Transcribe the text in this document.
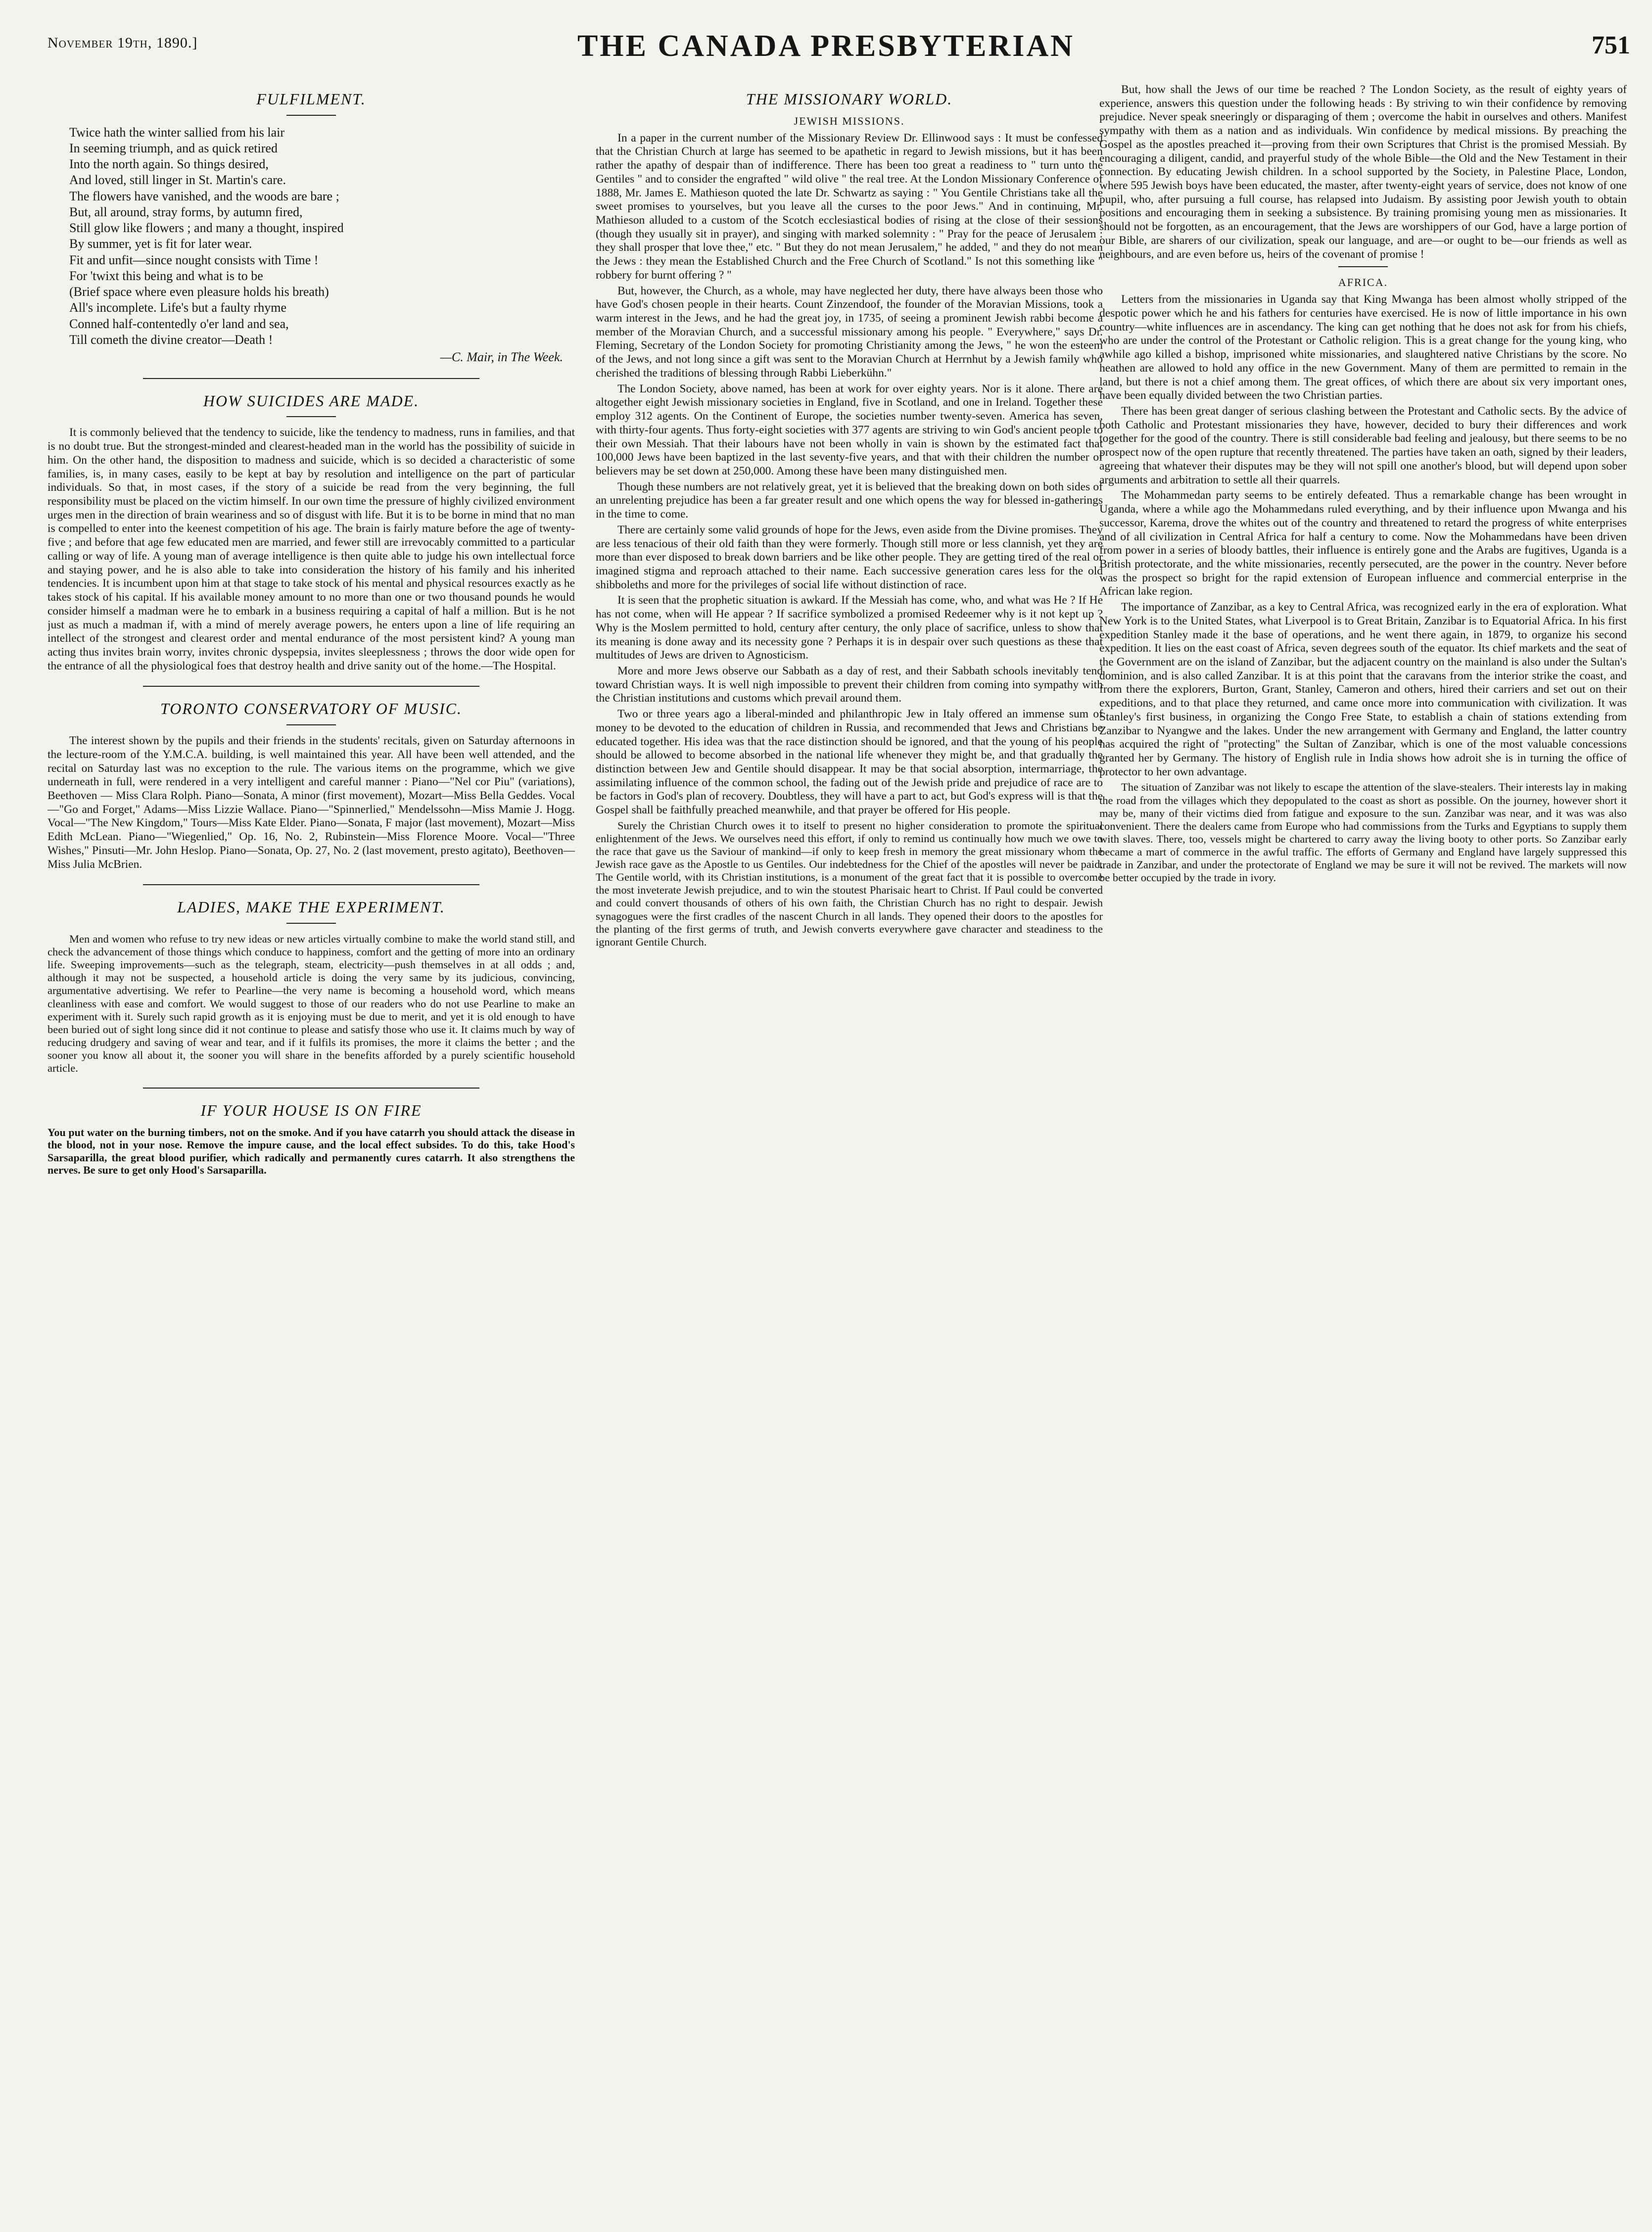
November 19th, 1890.]	THE CANADA PRESBYTERIAN	751
FULFILMENT.
Twice hath the winter sallied from his lair
In seeming triumph, and as quick retired
Into the north again. So things desired,
And loved, still linger in St. Martin's care.
The flowers have vanished, and the woods are bare ;
But, all around, stray forms, by autumn fired,
Still glow like flowers ; and many a thought, inspired
By summer, yet is fit for later wear.
Fit and unfit—since nought consists with Time !
For 'twixt this being and what is to be
(Brief space where even pleasure holds his breath)
All's incomplete. Life's but a faulty rhyme
Conned half-contentedly o'er land and sea,
Till cometh the divine creator—Death !
—C. Mair, in The Week.
HOW SUICIDES ARE MADE.

It is commonly believed that the tendency to suicide, like the tendency to madness, runs in families, and that is no doubt true. But the strongest-minded and clearest-headed man in the world has the possibility of suicide in him. On the other hand, the disposition to madness and suicide, which is so decided a characteristic of some families, is, in many cases, easily to be kept at bay by resolution and intelligence on the part of particular individuals. So that, in most cases, if the story of a suicide be read from the very beginning, the full responsibility must be placed on the victim himself. In our own time the pressure of highly civilized environment urges men in the direction of brain weariness and so of disgust with life. But it is to be borne in mind that no man is compelled to enter into the keenest competition of his age. The brain is fairly mature before the age of twenty-five ; and before that age few educated men are married, and fewer still are irrevocably committed to a particular calling or way of life. A young man of average intelligence is then quite able to judge his own intellectual force and staying power, and he is also able to take into consideration the history of his family and his inherited tendencies. It is incumbent upon him at that stage to take stock of his mental and physical resources exactly as he takes stock of his capital. If his available money amount to no more than one or two thousand pounds he would consider himself a madman were he to embark in a business requiring a capital of half a million. But is he not just as much a madman if, with a mind of merely average powers, he enters upon a line of life requiring an intellect of the strongest and clearest order and mental endurance of the most persistent kind? A young man acting thus invites brain worry, invites chronic dyspepsia, invites sleeplessness ; throws the door wide open for the entrance of all the physiological foes that destroy health and drive sanity out of the home.—The Hospital.

TORONTO CONSERVATORY OF MUSIC.

The interest shown by the pupils and their friends in the students' recitals, given on Saturday afternoons in the lecture-room of the Y.M.C.A. building, is well maintained this year. All have been well attended, and the recital on Saturday last was no exception to the rule. The various items on the programme, which we give underneath in full, were rendered in a very intelligent and careful manner : Piano—"Nel cor Piu" (variations), Beethoven — Miss Clara Rolph. Piano—Sonata, A minor (first movement), Mozart—Miss Bella Geddes. Vocal—"Go and Forget," Adams—Miss Lizzie Wallace. Piano—"Spinnerlied," Mendelssohn—Miss Mamie J. Hogg. Vocal—"The New Kingdom," Tours—Miss Kate Elder. Piano—Sonata, F major (last movement), Mozart—Miss Edith McLean. Piano—"Wiegenlied," Op. 16, No. 2, Rubinstein—Miss Florence Moore. Vocal—"Three Wishes," Pinsuti—Mr. John Heslop. Piano—Sonata, Op. 27, No. 2 (last movement, presto agitato), Beethoven—Miss Julia McBrien.

LADIES, MAKE THE EXPERIMENT.

Men and women who refuse to try new ideas or new articles virtually combine to make the world stand still, and check the advancement of those things which conduce to happiness, comfort and the getting of more into an ordinary life. Sweeping improvements—such as the telegraph, steam, electricity—push themselves in at all odds ; and, although it may not be suspected, a household article is doing the very same by its judicious, convincing, argumentative advertising. We refer to Pearline—the very name is becoming a household word, which means cleanliness with ease and comfort. We would suggest to those of our readers who do not use Pearline to make an experiment with it. Surely such rapid growth as it is enjoying must be due to merit, and yet it is old enough to have been buried out of sight long since did it not continue to please and satisfy those who use it. It claims much by way of reducing drudgery and saving of wear and tear, and if it fulfils its promises, the more it claims the better ; and the sooner you know all about it, the sooner you will share in the benefits afforded by a purely scientific household article.

IF YOUR HOUSE IS ON FIRE

You put water on the burning timbers, not on the smoke. And if you have catarrh you should attack the disease in the blood, not in your nose. Remove the impure cause, and the local effect subsides. To do this, take Hood's Sarsaparilla, the great blood purifier, which radically and permanently cures catarrh. It also strengthens the nerves. Be sure to get only Hood's Sarsaparilla.

THE MISSIONARY WORLD.
JEWISH MISSIONS.

In a paper in the current number of the Missionary Review Dr. Ellinwood says : It must be confessed that the Christian Church at large has seemed to be apathetic in regard to Jewish missions, but it has been rather the apathy of despair than of indifference. There has been too great a readiness to " turn unto the Gentiles " and to consider the engrafted " wild olive " the real tree. At the London Missionary Conference of 1888, Mr. James E. Mathieson quoted the late Dr. Schwartz as saying : " You Gentile Christians take all the sweet promises to yourselves, but you leave all the curses to the poor Jews." And in continuing, Mr. Mathieson alluded to a custom of the Scotch ecclesiastical bodies of rising at the close of their sessions (though they usually sit in prayer), and singing with marked solemnity : " Pray for the peace of Jerusalem : they shall prosper that love thee," etc. " But they do not mean Jerusalem," he added, " and they do not mean the Jews : they mean the Established Church and the Free Church of Scotland." Is not this something like " robbery for burnt offering ? "

But, however, the Church, as a whole, may have neglected her duty, there have always been those who have God's chosen people in their hearts. Count Zinzendoof, the founder of the Moravian Missions, took a warm interest in the Jews, and he had the great joy, in 1735, of seeing a prominent Jewish rabbi become a member of the Moravian Church, and a successful missionary among his people. " Everywhere," says Dr. Fleming, Secretary of the London Society for promoting Christianity among the Jews, " he won the esteem of the Jews, and not long since a gift was sent to the Moravian Church at Herrnhut by a Jewish family who cherished the traditions of blessing through Rabbi Lieberkühn."

The London Society, above named, has been at work for over eighty years. Nor is it alone. There are altogether eight Jewish missionary societies in England, five in Scotland, and one in Ireland. Together these employ 312 agents. On the Continent of Europe, the societies number twenty-seven. America has seven, with thirty-four agents. Thus forty-eight societies with 377 agents are striving to win God's ancient people to their own Messiah. That their labours have not been wholly in vain is shown by the estimated fact that 100,000 Jews have been baptized in the last seventy-five years, and that with their children the number of believers may be set down at 250,000. Among these have been many distinguished men.

Though these numbers are not relatively great, yet it is believed that the breaking down on both sides of an unrelenting prejudice has been a far greater result and one which opens the way for blessed in-gatherings in the time to come.

There are certainly some valid grounds of hope for the Jews, even aside from the Divine promises. They are less tenacious of their old faith than they were formerly. Though still more or less clannish, yet they are more than ever disposed to break down barriers and be like other people. They are getting tired of the real or imagined stigma and reproach attached to their name. Each successive generation cares less for the old shibboleths and more for the privileges of social life without distinction of race.

It is seen that the prophetic situation is awkard. If the Messiah has come, who, and what was He ? If He has not come, when will He appear ? If sacrifice symbolized a promised Redeemer why is it not kept up ? Why is the Moslem permitted to hold, century after century, the only place of sacrifice, unless to show that its meaning is done away and its necessity gone ? Perhaps it is in despair over such questions as these that multitudes of Jews are driven to Agnosticism.

More and more Jews observe our Sabbath as a day of rest, and their Sabbath schools inevitably tend toward Christian ways. It is well nigh impossible to prevent their children from coming into sympathy with the Christian institutions and customs which prevail around them.

Two or three years ago a liberal-minded and philanthropic Jew in Italy offered an immense sum of money to be devoted to the education of children in Russia, and recommended that Jews and Christians be educated together. His idea was that the race distinction should be ignored, and that the young of his people should be allowed to become absorbed in the national life whenever they might be, and that gradually the distinction between Jew and Gentile should disappear. It may be that social absorption, intermarriage, the assimilating influence of the common school, the fading out of the Jewish pride and prejudice of race are to be factors in God's plan of recovery. Doubtless, they will have a part to act, but God's express will is that the Gospel shall be faithfully preached meanwhile, and that prayer be offered for His people.

Surely the Christian Church owes it to itself to present no higher consideration to promote the spiritual enlightenment of the Jews. We ourselves need this effort, if only to remind us continually how much we owe to the race that gave us the Saviour of mankind—if only to keep fresh in memory the great missionary whom the Jewish race gave as the Apostle to us Gentiles. Our indebtedness for the Chief of the apostles will never be paid. The Gentile world, with its Christian institutions, is a monument of the great fact that it is possible to overcome the most inveterate Jewish prejudice, and to win the stoutest Pharisaic heart to Christ. If Paul could be converted and could convert thousands of others of his own faith, the Christian Church has no right to despair. Jewish synagogues were the first cradles of the nascent Church in all lands. They opened their doors to the apostles for the planting of the first germs of truth, and Jewish converts everywhere gave character and steadiness to the ignorant Gentile Church.

But, how shall the Jews of our time be reached ? The London Society, as the result of eighty years of experience, answers this question under the following heads : By striving to win their confidence by removing prejudice. Never speak sneeringly or disparaging of them ; overcome the habit in ourselves and others. Manifest sympathy with them as a nation and as individuals. Win confidence by medical missions. By preaching the Gospel as the apostles preached it—proving from their own Scriptures that Christ is the promised Messiah. By encouraging a diligent, candid, and prayerful study of the whole Bible—the Old and the New Testament in their connection. By educating Jewish children. In a school supported by the Society, in Palestine Place, London, where 595 Jewish boys have been educated, the master, after twenty-eight years of service, does not know of one pupil, who, after pursuing a full course, has relapsed into Judaism. By assisting poor Jewish youth to obtain positions and encouraging them in seeking a subsistence. By training promising young men as missionaries. It should not be forgotten, as an encouragement, that the Jews are worshippers of our God, have a large portion of our Bible, are sharers of our civilization, speak our language, and are—or ought to be—our friends as well as neighbours, and are even before us, heirs of the covenant of promise !

AFRICA.

Letters from the missionaries in Uganda say that King Mwanga has been almost wholly stripped of the despotic power which he and his fathers for centuries have exercised. He is now of little importance in his own country—white influences are in ascendancy. The king can get nothing that he does not ask for from his chiefs, who are under the control of the Protestant or Catholic religion. This is a great change for the young king, who awhile ago killed a bishop, imprisoned white missionaries, and slaughtered native Christians by the score. No heathen are allowed to hold any office in the new Government. Many of them are permitted to remain in the land, but there is not a chief among them. The great offices, of which there are about six very important ones, have been equally divided between the two Christian parties.

There has been great danger of serious clashing between the Protestant and Catholic sects. By the advice of both Catholic and Protestant missionaries they have, however, decided to bury their differences and work together for the good of the country. There is still considerable bad feeling and jealousy, but there seems to be no prospect now of the open rupture that recently threatened. The parties have taken an oath, signed by their leaders, agreeing that whatever their disputes may be they will not spill one another's blood, but will depend upon sober arguments and arbitration to settle all their quarrels.

The Mohammedan party seems to be entirely defeated. Thus a remarkable change has been wrought in Uganda, where a while ago the Mohammedans ruled everything, and by their influence upon Mwanga and his successor, Karema, drove the whites out of the country and threatened to retard the progress of white enterprises and of all civilization in Central Africa for half a century to come. Now the Mohammedans have been driven from power in a series of bloody battles, their influence is entirely gone and the Arabs are fugitives, Uganda is a British protectorate, and the white missionaries, recently persecuted, are the power in the country. Never before was the prospect so bright for the rapid extension of European influence and commercial enterprise in the African lake region.

The importance of Zanzibar, as a key to Central Africa, was recognized early in the era of exploration. What New York is to the United States, what Liverpool is to Great Britain, Zanzibar is to Equatorial Africa. In his first expedition Stanley made it the base of operations, and he went there again, in 1879, to organize his second expedition. It lies on the east coast of Africa, seven degrees south of the equator. Its chief markets and the seat of the Government are on the island of Zanzibar, but the adjacent country on the mainland is also under the Sultan's dominion, and is also called Zanzibar. It is at this point that the caravans from the interior strike the coast, and from there the explorers, Burton, Grant, Stanley, Cameron and others, hired their carriers and set out on their expeditions, and to that place they returned, and came once more into communication with civilization. It was Stanley's first business, in organizing the Congo Free State, to establish a chain of stations extending from Zanzibar to Nyangwe and the lakes. Under the new arrangement with Germany and England, the latter country has acquired the right of "protecting" the Sultan of Zanzibar, which is one of the most valuable concessions granted her by Germany. The history of English rule in India shows how adroit she is in turning the office of protector to her own advantage.

The situation of Zanzibar was not likely to escape the attention of the slave-stealers. Their interests lay in making the road from the villages which they depopulated to the coast as short as possible. On the journey, however short it may be, many of their victims died from fatigue and exposure to the sun. Zanzibar was near, and it was was also convenient. There the dealers came from Europe who had commissions from the Turks and Egyptians to supply them with slaves. There, too, vessels might be chartered to carry away the living booty to other ports. So Zanzibar early became a mart of commerce in the awful traffic. The efforts of Germany and England have largely suppressed this trade in Zanzibar, and under the protectorate of England we may be sure it will not be revived. The markets will now be better occupied by the trade in ivory.
